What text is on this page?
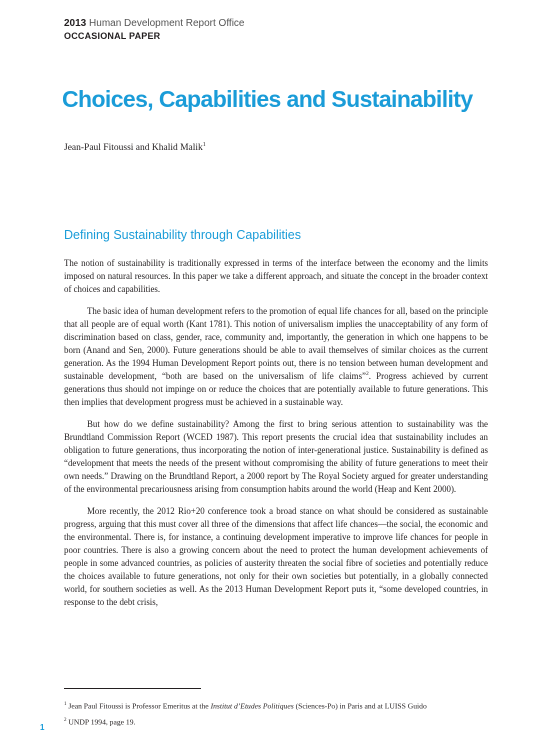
2013 Human Development Report Office
OCCASIONAL PAPER
Choices, Capabilities and Sustainability
Jean-Paul Fitoussi and Khalid Malik$^1$
Defining Sustainability through Capabilities

The notion of sustainability is traditionally expressed in terms of the interface between the economy and the limits imposed on natural resources. In this paper we take a different approach, and situate the concept in the broader context of choices and capabilities.

The basic idea of human development refers to the promotion of equal life chances for all, based on the principle that all people are of equal worth (Kant 1781). This notion of universalism implies the unacceptability of any form of discrimination based on class, gender, race, community and, importantly, the generation in which one happens to be born (Anand and Sen, 2000). Future generations should be able to avail themselves of similar choices as the current generation. As the 1994 Human Development Report points out, there is no tension between human development and sustainable development, “both are based on the universalism of life claims”$^2$. Progress achieved by current generations thus should not impinge on or reduce the choices that are potentially available to future generations. This then implies that development progress must be achieved in a sustainable way.

But how do we define sustainability? Among the first to bring serious attention to sustainability was the Brundtland Commission Report (WCED 1987). This report presents the crucial idea that sustainability includes an obligation to future generations, thus incorporating the notion of inter-generational justice. Sustainability is defined as “development that meets the needs of the present without compromising the ability of future generations to meet their own needs.” Drawing on the Brundtland Report, a 2000 report by The Royal Society argued for greater understanding of the environmental precariousness arising from consumption habits around the world (Heap and Kent 2000).

More recently, the 2012 Rio+20 conference took a broad stance on what should be considered as sustainable progress, arguing that this must cover all three of the dimensions that affect life chances—the social, the economic and the environmental. There is, for instance, a continuing development imperative to improve life chances for people in poor countries. There is also a growing concern about the need to protect the human development achievements of people in some advanced countries, as policies of austerity threaten the social fibre of societies and potentially reduce the choices available to future generations, not only for their own societies but potentially, in a globally connected world, for southern societies as well. As the 2013 Human Development Report puts it, “some developed countries, in response to the debt crisis,

$^1$ Jean Paul Fitoussi is Professor Emeritus at the Institut d’Etudes Politiques (Sciences-Po) in Paris and at LUISS Guido
$^2$ UNDP 1994, page 19.
1
